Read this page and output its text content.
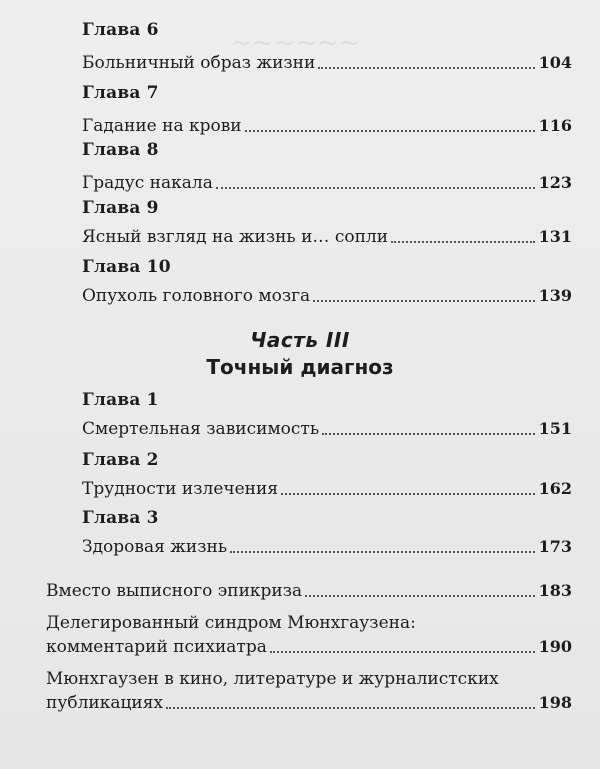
~~~~~~
Глава 6
Больничный образ жизни	104
Глава 7
Гадание на крови	116
Глава 8
Градус накала	123
Глава 9
Ясный взгляд на жизнь и… сопли	131
Глава 10
Опухоль головного мозга	139
Часть III
Точный диагноз
Глава 1
Смертельная зависимость	151
Глава 2
Трудности излечения	162
Глава 3
Здоровая жизнь	173
Вместо выписного эпикриза	183
Делегированный синдром Мюнхгаузена:
комментарий психиатра	190
Мюнхгаузен в кино, литературе и журналистских
публикациях	198
